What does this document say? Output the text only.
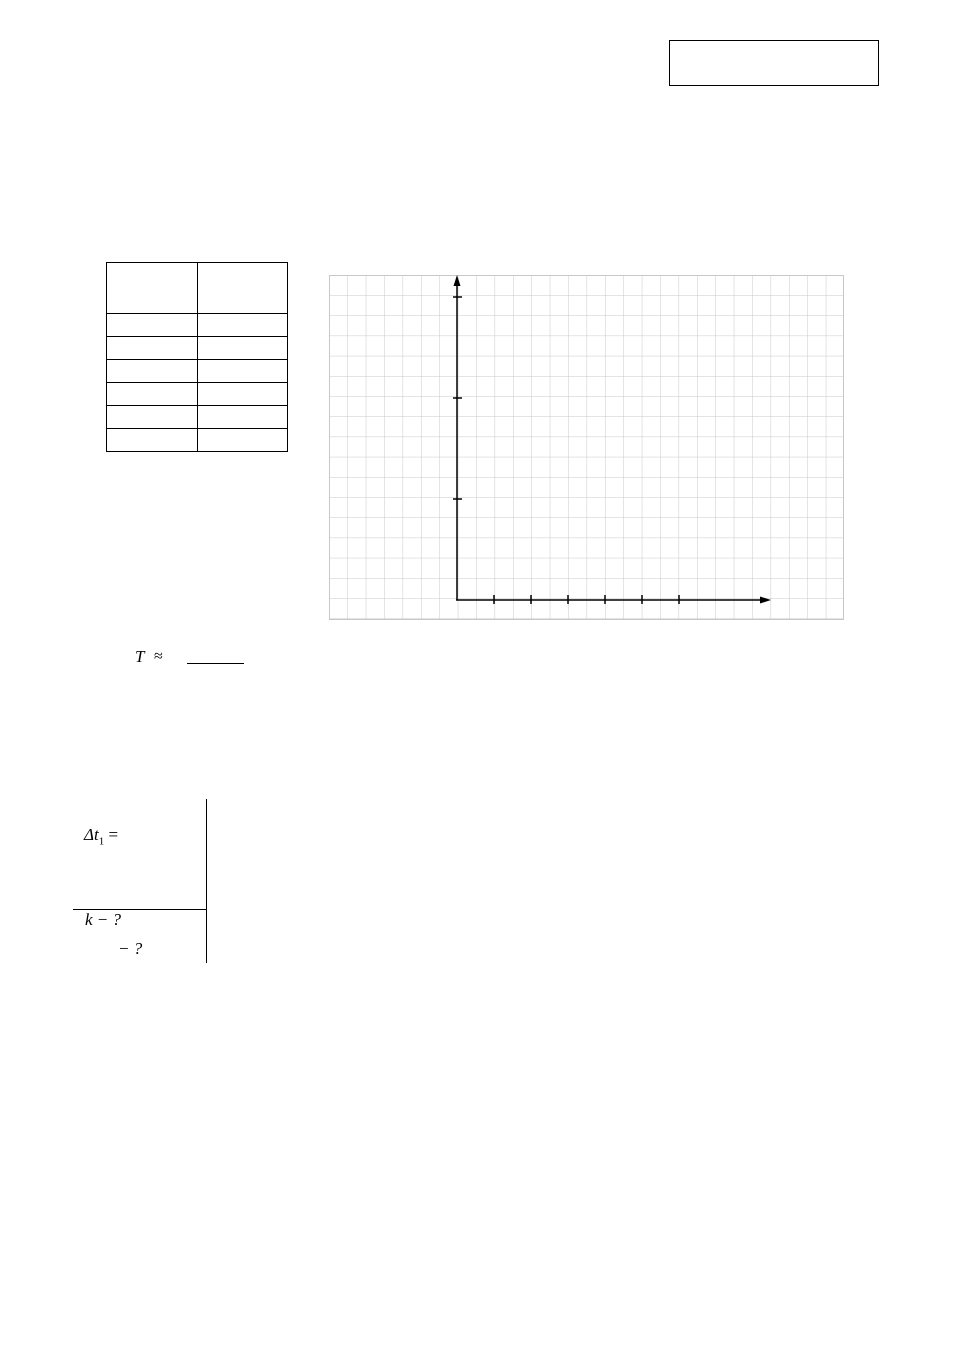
T ≈
$\Delta t_1$ =
k − ?
− ?
